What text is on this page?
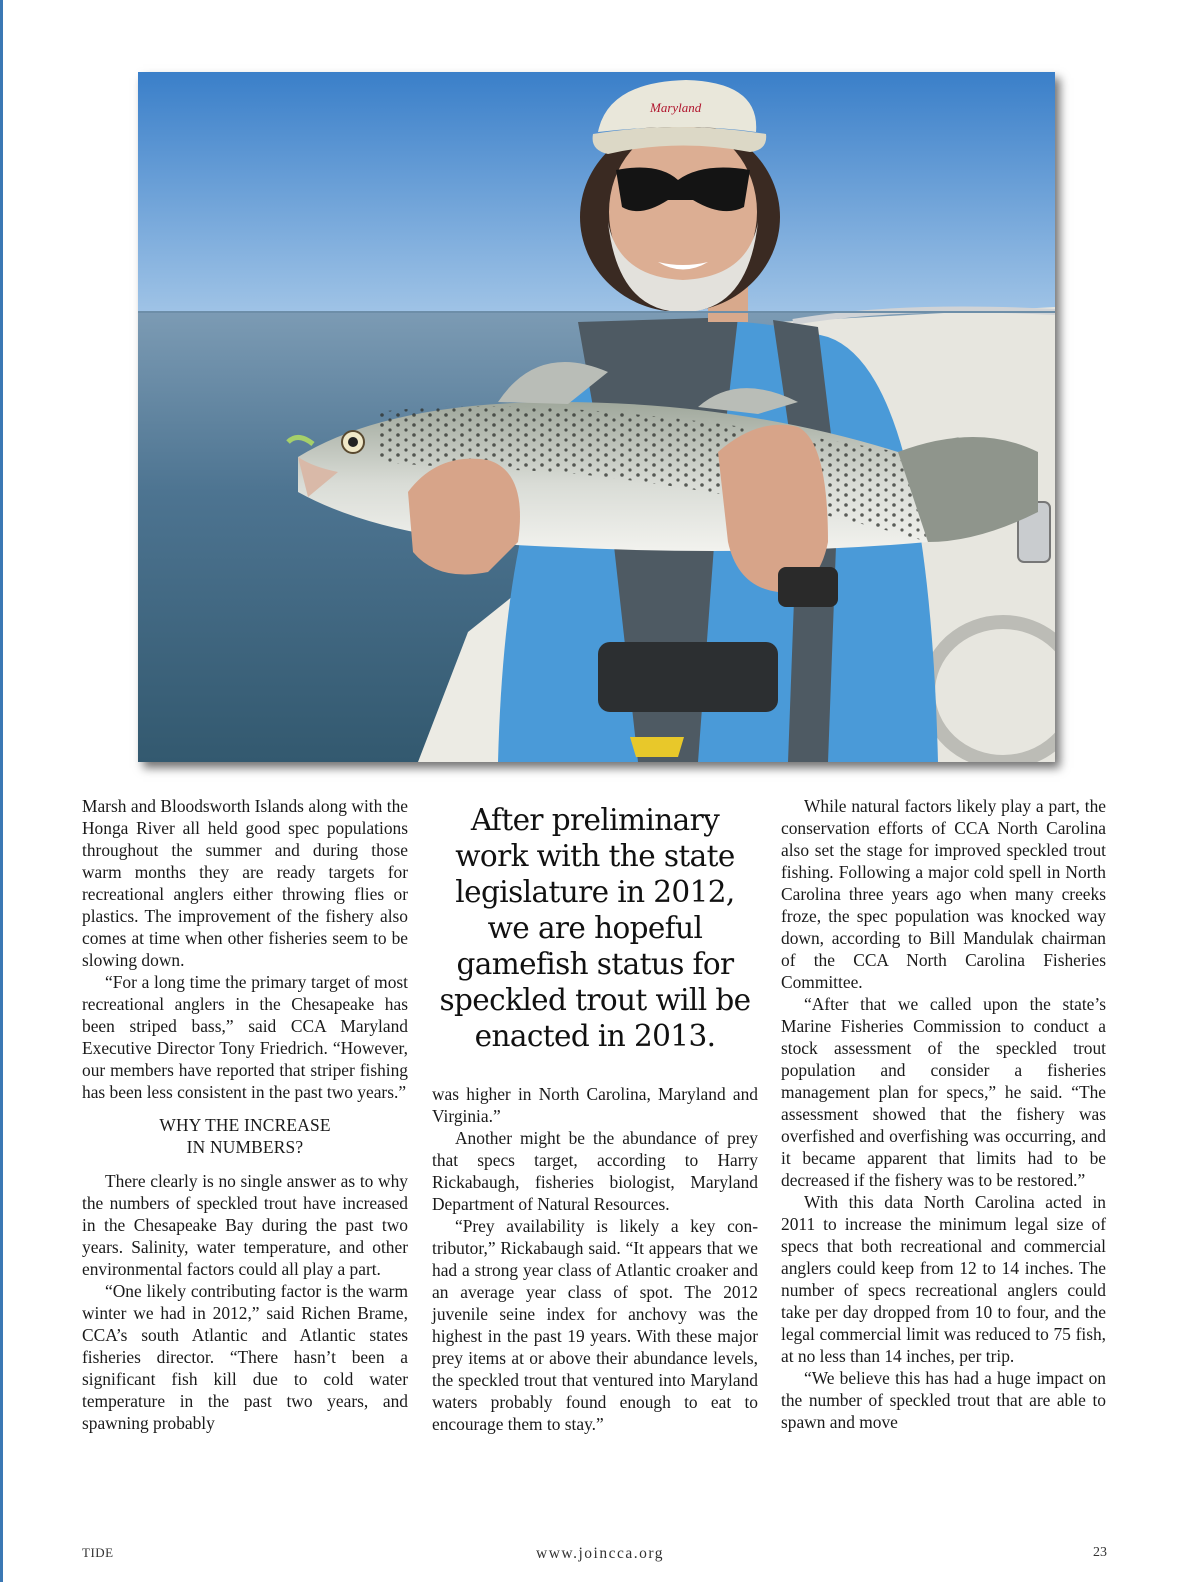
Maryland

Marsh and Bloodsworth Islands along with the Honga River all held good spec populations throughout the summer and during those warm months they are ready targets for recreational anglers either throwing flies or plastics. The improvement of the fishery also comes at time when other fisheries seem to be slowing down.

“For a long time the primary target of most recreational anglers in the Chesapeake has been striped bass,” said CCA Maryland Executive Director Tony Friedrich. “However, our members have reported that striper fishing has been less consistent in the past two years.”

WHY THE INCREASE
IN NUMBERS?

There clearly is no single answer as to why the numbers of speckled trout have increased in the Chesapeake Bay during the past two years. Salinity, water temperature, and other environmental factors could all play a part.

“One likely contributing factor is the warm winter we had in 2012,” said Richen Brame, CCA’s south Atlantic and Atlantic states fisheries director. “There hasn’t been a significant fish kill due to cold water temperature in the past two years, and spawning probably

After preliminary work with the state legislature in 2012, we are hopeful gamefish status for speckled trout will be enacted in 2013.

was higher in North Carolina, Maryland and Virginia.”

Another might be the abundance of prey that specs target, according to Harry Rickabaugh, fisheries biologist, Maryland Department of Natural Resources.

“Prey availability is likely a key contributor,” Rickabaugh said. “It appears that we had a strong year class of Atlantic croaker and an average year class of spot. The 2012 juvenile seine index for anchovy was the highest in the past 19 years. With these major prey items at or above their abundance levels, the speckled trout that ventured into Maryland waters probably found enough to eat to encourage them to stay.”

While natural factors likely play a part, the conservation efforts of CCA North Carolina also set the stage for improved speckled trout fishing. Following a major cold spell in North Carolina three years ago when many creeks froze, the spec population was knocked way down, according to Bill Mandulak chairman of the CCA North Carolina Fisheries Committee.

“After that we called upon the state’s Marine Fisheries Commission to conduct a stock assessment of the speckled trout population and consider a fisheries management plan for specs,” he said. “The assessment showed that the fishery was overfished and overfishing was occurring, and it became apparent that limits had to be decreased if the fishery was to be restored.”

With this data North Carolina acted in 2011 to increase the minimum legal size of specs that both recreational and commercial anglers could keep from 12 to 14 inches. The number of specs recreational anglers could take per day dropped from 10 to four, and the legal commercial limit was reduced to 75 fish, at no less than 14 inches, per trip.

“We believe this has had a huge impact on the number of speckled trout that are able to spawn and move

TIDE	www.joincca.org	23
